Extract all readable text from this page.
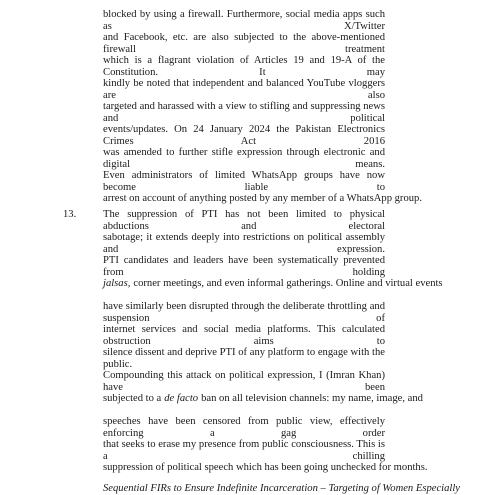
blocked by using a firewall. Furthermore, social media apps such as X/Twitter
and Facebook, etc. are also subjected to the above-mentioned firewall treatment
which is a flagrant violation of Articles 19 and 19-A of the Constitution. It may
kindly be noted that independent and balanced YouTube vloggers are also
targeted and harassed with a view to stifling and suppressing news and political
events/updates. On 24 January 2024 the Pakistan Electronics Crimes Act 2016
was amended to further stifle expression through electronic and digital means.
Even administrators of limited WhatsApp groups have now become liable to
arrest on account of anything posted by any member of a WhatsApp group.
13.	The suppression of PTI has not been limited to physical abductions and electoral
sabotage; it extends deeply into restrictions on political assembly and expression.
PTI candidates and leaders have been systematically prevented from holding
jalsas, corner meetings, and even informal gatherings. Online and virtual events
have similarly been disrupted through the deliberate throttling and suspension of
internet services and social media platforms. This calculated obstruction aims to
silence dissent and deprive PTI of any platform to engage with the public.
Compounding this attack on political expression, I (Imran Khan) have been
subjected to a de facto ban on all television channels: my name, image, and
speeches have been censored from public view, effectively enforcing a gag order
that seeks to erase my presence from public consciousness. This is a chilling
suppression of political speech which has been going unchecked for months.
Sequential FIRs to Ensure Indefinite Incarceration – Targeting of Women Especially
